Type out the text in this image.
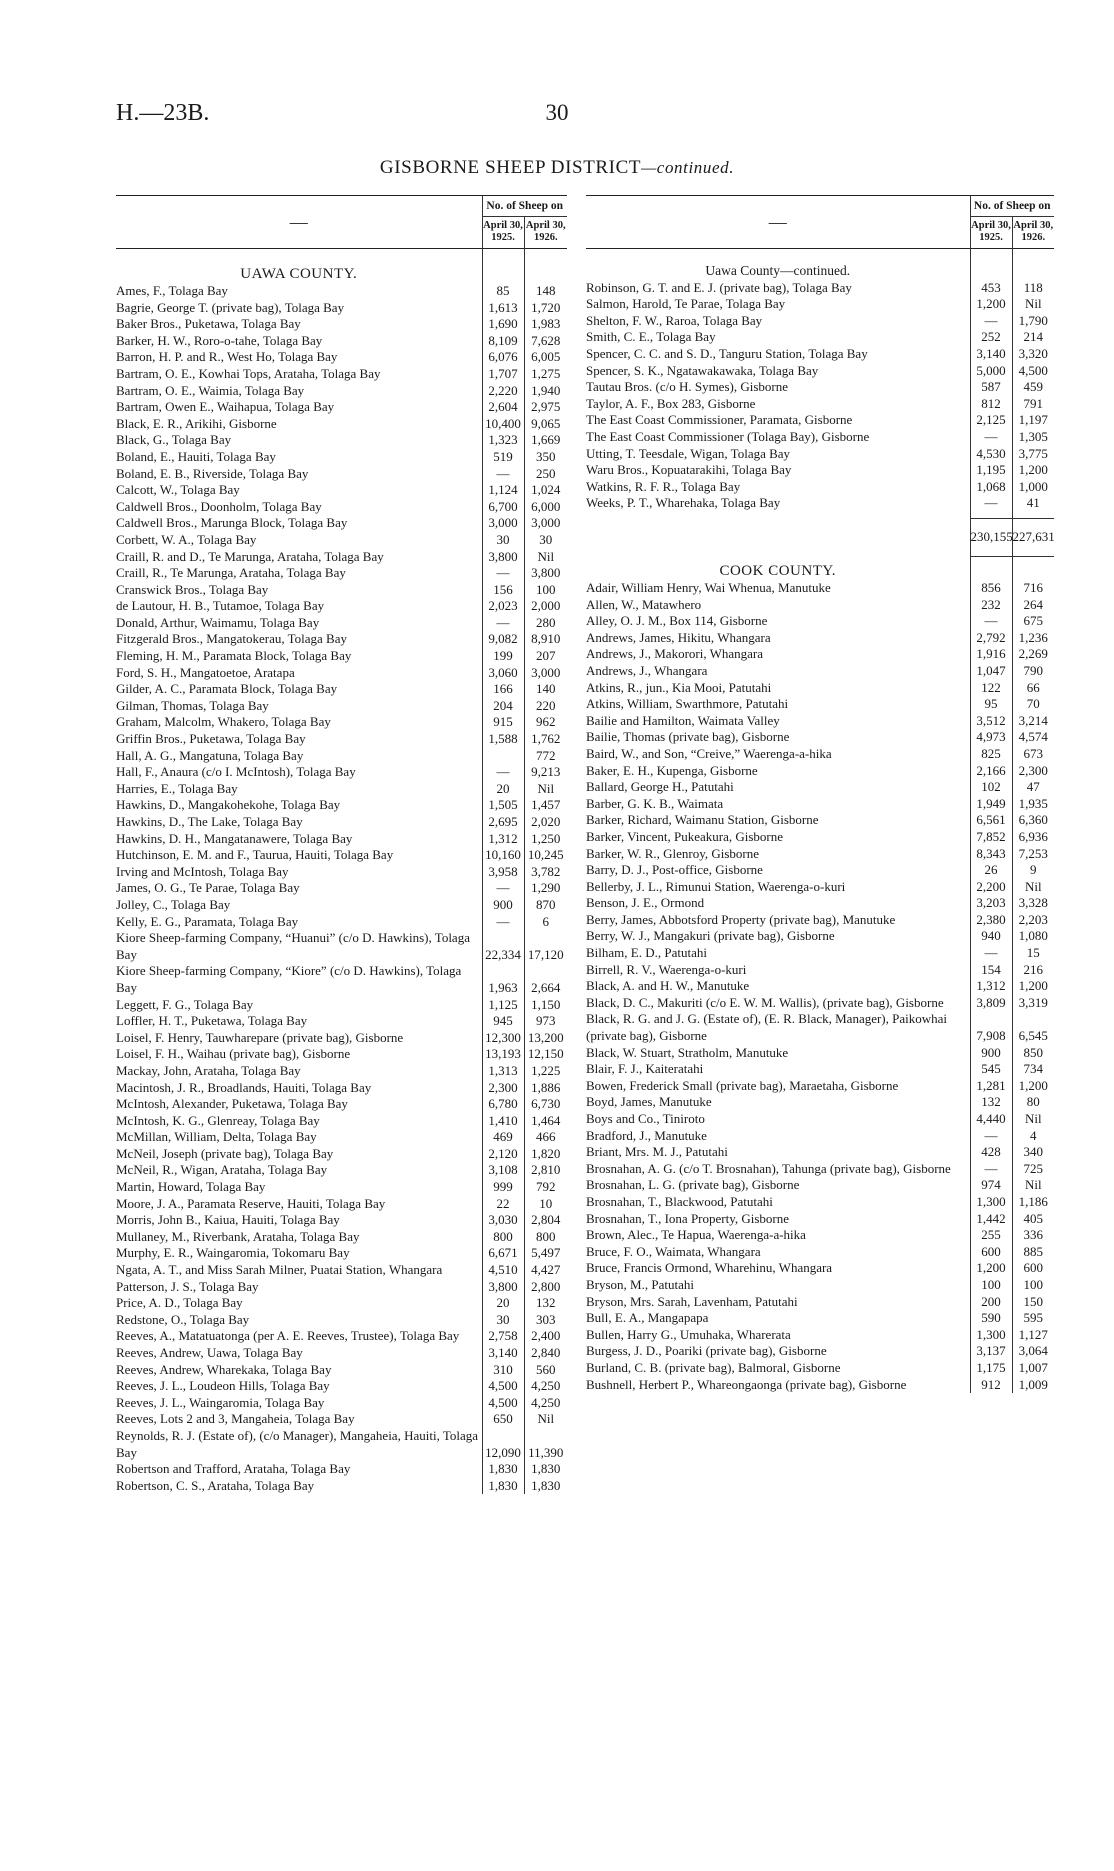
H.—23B.	30
GISBORNE SHEEP DISTRICT—continued.
—	No. of Sheep on	
	April 30, 1925.	April 30, 1926.

UAWA COUNTY.		
Ames, F., Tolaga Bay	85	148
Bagrie, George T. (private bag), Tolaga Bay	1,613	1,720
Baker Bros., Puketawa, Tolaga Bay	1,690	1,983
Barker, H. W., Roro-o-tahe, Tolaga Bay	8,109	7,628
Barron, H. P. and R., West Ho, Tolaga Bay	6,076	6,005
Bartram, O. E., Kowhai Tops, Arataha, Tolaga Bay	1,707	1,275
Bartram, O. E., Waimia, Tolaga Bay	2,220	1,940
Bartram, Owen E., Waihapua, Tolaga Bay	2,604	2,975
Black, E. R., Arikihi, Gisborne	10,400	9,065
Black, G., Tolaga Bay	1,323	1,669
Boland, E., Hauiti, Tolaga Bay	519	350
Boland, E. B., Riverside, Tolaga Bay	—	250
Calcott, W., Tolaga Bay	1,124	1,024
Caldwell Bros., Doonholm, Tolaga Bay	6,700	6,000
Caldwell Bros., Marunga Block, Tolaga Bay	3,000	3,000
Corbett, W. A., Tolaga Bay	30	30
Craill, R. and D., Te Marunga, Arataha, Tolaga Bay	3,800	Nil
Craill, R., Te Marunga, Arataha, Tolaga Bay	—	3,800
Cranswick Bros., Tolaga Bay	156	100
de Lautour, H. B., Tutamoe, Tolaga Bay	2,023	2,000
Donald, Arthur, Waimamu, Tolaga Bay	—	280
Fitzgerald Bros., Mangatokerau, Tolaga Bay	9,082	8,910
Fleming, H. M., Paramata Block, Tolaga Bay	199	207
Ford, S. H., Mangatoetoe, Aratapa	3,060	3,000
Gilder, A. C., Paramata Block, Tolaga Bay	166	140
Gilman, Thomas, Tolaga Bay	204	220
Graham, Malcolm, Whakero, Tolaga Bay	915	962
Griffin Bros., Puketawa, Tolaga Bay	1,588	1,762
Hall, A. G., Mangatuna, Tolaga Bay		772
Hall, F., Anaura (c/o I. McIntosh), Tolaga Bay	—	9,213
Harries, E., Tolaga Bay	20	Nil
Hawkins, D., Mangakohekohe, Tolaga Bay	1,505	1,457
Hawkins, D., The Lake, Tolaga Bay	2,695	2,020
Hawkins, D. H., Mangatanawere, Tolaga Bay	1,312	1,250
Hutchinson, E. M. and F., Taurua, Hauiti, Tolaga Bay	10,160	10,245
Irving and McIntosh, Tolaga Bay	3,958	3,782
James, O. G., Te Parae, Tolaga Bay	—	1,290
Jolley, C., Tolaga Bay	900	870
Kelly, E. G., Paramata, Tolaga Bay	—	6
Kiore Sheep-farming Company, “Huanui” (c/o D. Hawkins), Tolaga Bay	22,334	17,120
Kiore Sheep-farming Company, “Kiore” (c/o D. Hawkins), Tolaga Bay	1,963	2,664
Leggett, F. G., Tolaga Bay	1,125	1,150
Loffler, H. T., Puketawa, Tolaga Bay	945	973
Loisel, F. Henry, Tauwharepare (private bag), Gisborne	12,300	13,200
Loisel, F. H., Waihau (private bag), Gisborne	13,193	12,150
Mackay, John, Arataha, Tolaga Bay	1,313	1,225
Macintosh, J. R., Broadlands, Hauiti, Tolaga Bay	2,300	1,886
McIntosh, Alexander, Puketawa, Tolaga Bay	6,780	6,730
McIntosh, K. G., Glenreay, Tolaga Bay	1,410	1,464
McMillan, William, Delta, Tolaga Bay	469	466
McNeil, Joseph (private bag), Tolaga Bay	2,120	1,820
McNeil, R., Wigan, Arataha, Tolaga Bay	3,108	2,810
Martin, Howard, Tolaga Bay	999	792
Moore, J. A., Paramata Reserve, Hauiti, Tolaga Bay	22	10
Morris, John B., Kaiua, Hauiti, Tolaga Bay	3,030	2,804
Mullaney, M., Riverbank, Arataha, Tolaga Bay	800	800
Murphy, E. R., Waingaromia, Tokomaru Bay	6,671	5,497
Ngata, A. T., and Miss Sarah Milner, Puatai Station, Whangara	4,510	4,427
Patterson, J. S., Tolaga Bay	3,800	2,800
Price, A. D., Tolaga Bay	20	132
Redstone, O., Tolaga Bay	30	303
Reeves, A., Matatuatonga (per A. E. Reeves, Trustee), Tolaga Bay	2,758	2,400
Reeves, Andrew, Uawa, Tolaga Bay	3,140	2,840
Reeves, Andrew, Wharekaka, Tolaga Bay	310	560
Reeves, J. L., Loudeon Hills, Tolaga Bay	4,500	4,250
Reeves, J. L., Waingaromia, Tolaga Bay	4,500	4,250
Reeves, Lots 2 and 3, Mangaheia, Tolaga Bay	650	Nil
Reynolds, R. J. (Estate of), (c/o Manager), Mangaheia, Hauiti, Tolaga Bay	12,090	11,390
Robertson and Trafford, Arataha, Tolaga Bay	1,830	1,830
Robertson, C. S., Arataha, Tolaga Bay	1,830	1,830
—	No. of Sheep on	
	April 30, 1925.	April 30, 1926.

Uawa County—continued.		
Robinson, G. T. and E. J. (private bag), Tolaga Bay	453	118
Salmon, Harold, Te Parae, Tolaga Bay	1,200	Nil
Shelton, F. W., Raroa, Tolaga Bay	—	1,790
Smith, C. E., Tolaga Bay	252	214
Spencer, C. C. and S. D., Tanguru Station, Tolaga Bay	3,140	3,320
Spencer, S. K., Ngatawakawaka, Tolaga Bay	5,000	4,500
Tautau Bros. (c/o H. Symes), Gisborne	587	459
Taylor, A. F., Box 283, Gisborne	812	791
The East Coast Commissioner, Paramata, Gisborne	2,125	1,197
The East Coast Commissioner (Tolaga Bay), Gisborne	—	1,305
Utting, T. Teesdale, Wigan, Tolaga Bay	4,530	3,775
Waru Bros., Kopuatarakihi, Tolaga Bay	1,195	1,200
Watkins, R. F. R., Tolaga Bay	1,068	1,000
Weeks, P. T., Wharehaka, Tolaga Bay	—	41

	230,155	227,631
COOK COUNTY.		
Adair, William Henry, Wai Whenua, Manutuke	856	716
Allen, W., Matawhero	232	264
Alley, O. J. M., Box 114, Gisborne	—	675
Andrews, James, Hikitu, Whangara	2,792	1,236
Andrews, J., Makorori, Whangara	1,916	2,269
Andrews, J., Whangara	1,047	790
Atkins, R., jun., Kia Mooi, Patutahi	122	66
Atkins, William, Swarthmore, Patutahi	95	70
Bailie and Hamilton, Waimata Valley	3,512	3,214
Bailie, Thomas (private bag), Gisborne	4,973	4,574
Baird, W., and Son, “Creive,” Waerenga-a-hika	825	673
Baker, E. H., Kupenga, Gisborne	2,166	2,300
Ballard, George H., Patutahi	102	47
Barber, G. K. B., Waimata	1,949	1,935
Barker, Richard, Waimanu Station, Gisborne	6,561	6,360
Barker, Vincent, Pukeakura, Gisborne	7,852	6,936
Barker, W. R., Glenroy, Gisborne	8,343	7,253
Barry, D. J., Post-office, Gisborne	26	9
Bellerby, J. L., Rimunui Station, Waerenga-o-kuri	2,200	Nil
Benson, J. E., Ormond	3,203	3,328
Berry, James, Abbotsford Property (private bag), Manutuke	2,380	2,203
Berry, W. J., Mangakuri (private bag), Gisborne	940	1,080
Bilham, E. D., Patutahi	—	15
Birrell, R. V., Waerenga-o-kuri	154	216
Black, A. and H. W., Manutuke	1,312	1,200
Black, D. C., Makuriti (c/o E. W. M. Wallis), (private bag), Gisborne	3,809	3,319
Black, R. G. and J. G. (Estate of), (E. R. Black, Manager), Paikowhai (private bag), Gisborne	7,908	6,545
Black, W. Stuart, Stratholm, Manutuke	900	850
Blair, F. J., Kaiteratahi	545	734
Bowen, Frederick Small (private bag), Maraetaha, Gisborne	1,281	1,200
Boyd, James, Manutuke	132	80
Boys and Co., Tiniroto	4,440	Nil
Bradford, J., Manutuke	—	4
Briant, Mrs. M. J., Patutahi	428	340
Brosnahan, A. G. (c/o T. Brosnahan), Tahunga (private bag), Gisborne	—	725
Brosnahan, L. G. (private bag), Gisborne	974	Nil
Brosnahan, T., Blackwood, Patutahi	1,300	1,186
Brosnahan, T., Iona Property, Gisborne	1,442	405
Brown, Alec., Te Hapua, Waerenga-a-hika	255	336
Bruce, F. O., Waimata, Whangara	600	885
Bruce, Francis Ormond, Wharehinu, Whangara	1,200	600
Bryson, M., Patutahi	100	100
Bryson, Mrs. Sarah, Lavenham, Patutahi	200	150
Bull, E. A., Mangapapa	590	595
Bullen, Harry G., Umuhaka, Wharerata	1,300	1,127
Burgess, J. D., Poariki (private bag), Gisborne	3,137	3,064
Burland, C. B. (private bag), Balmoral, Gisborne	1,175	1,007
Bushnell, Herbert P., Whareongaonga (private bag), Gisborne	912	1,009
